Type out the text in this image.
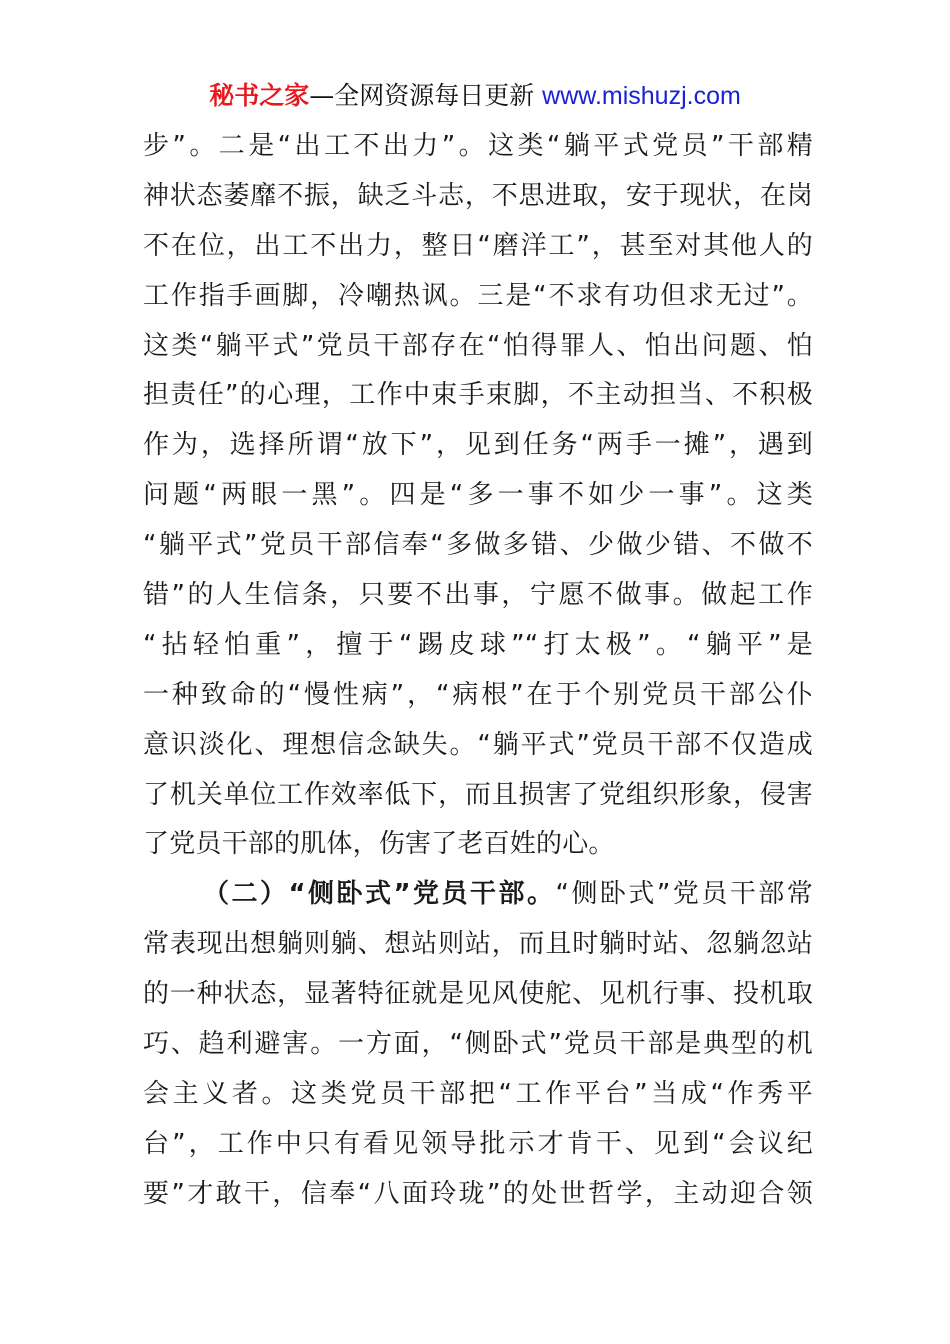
秘书之家—全网资源每日更新 www.mishuzj.com
步”。二是“出工不出力”。这类“躺平式党员”干部精
神状态萎靡不振，缺乏斗志，不思进取，安于现状，在岗
不在位，出工不出力，整日“磨洋工”，甚至对其他人的
工作指手画脚，冷嘲热讽。三是“不求有功但求无过”。
这类“躺平式”党员干部存在“怕得罪人、怕出问题、怕
担责任”的心理，工作中束手束脚，不主动担当、不积极
作为，选择所谓“放下”，见到任务“两手一摊”，遇到
问题“两眼一黑”。四是“多一事不如少一事”。这类
“躺平式”党员干部信奉“多做多错、少做少错、不做不
错”的人生信条，只要不出事，宁愿不做事。做起工作
“拈轻怕重”，擅于“踢皮球”“打太极”。“躺平”是
一种致命的“慢性病”，“病根”在于个别党员干部公仆
意识淡化、理想信念缺失。“躺平式”党员干部不仅造成
了机关单位工作效率低下，而且损害了党组织形象，侵害
了党员干部的肌体，伤害了老百姓的心。
（二）“侧卧式”党员干部。“侧卧式”党员干部常
常表现出想躺则躺、想站则站，而且时躺时站、忽躺忽站
的一种状态，显著特征就是见风使舵、见机行事、投机取
巧、趋利避害。一方面，“侧卧式”党员干部是典型的机
会主义者。这类党员干部把“工作平台”当成“作秀平
台”，工作中只有看见领导批示才肯干、见到“会议纪
要”才敢干，信奉“八面玲珑”的处世哲学，主动迎合领
